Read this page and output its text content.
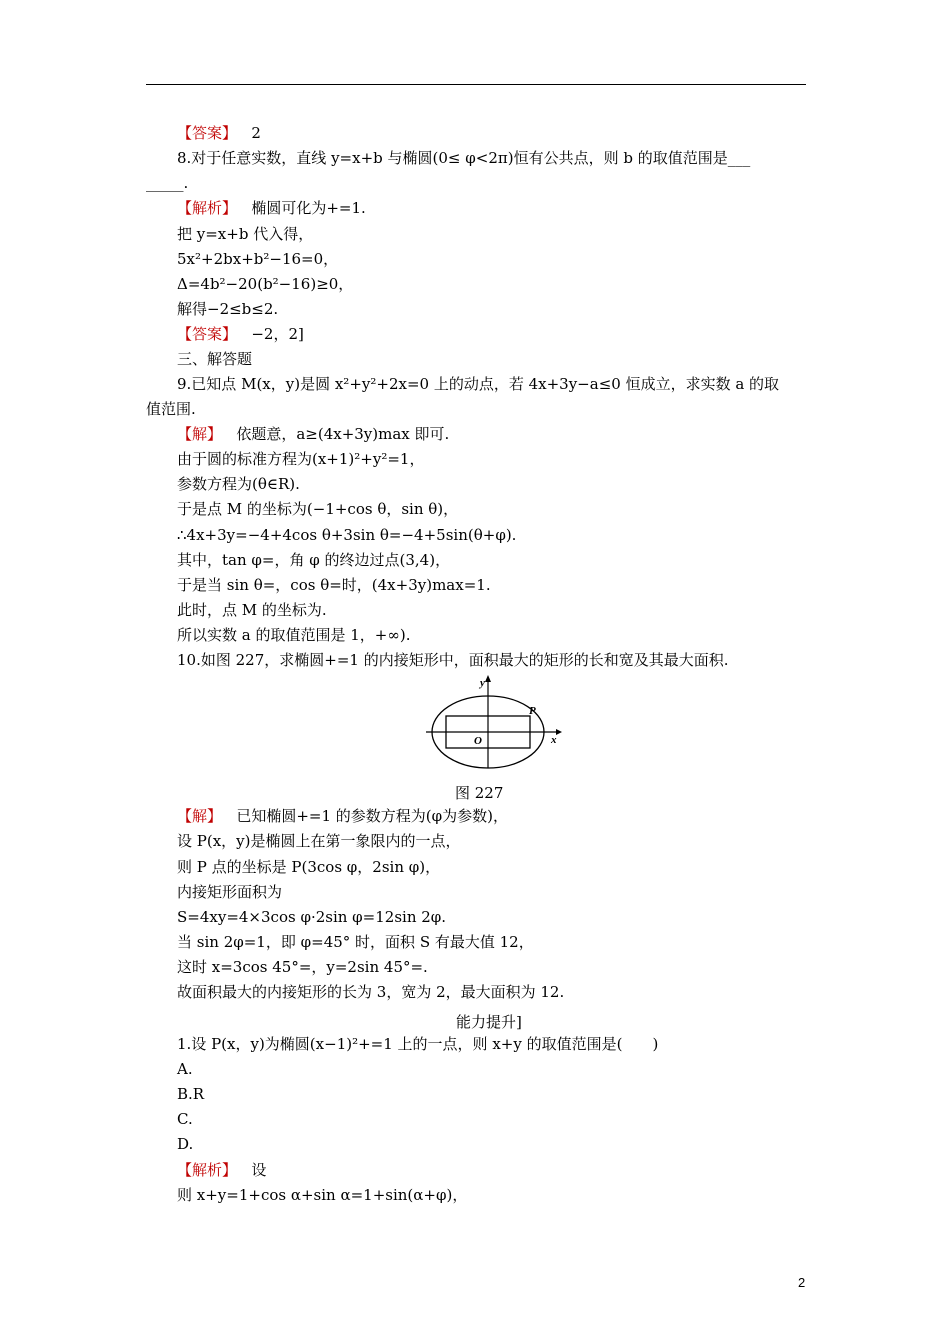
【答案】 2
8.对于任意实数，直线 y=x+b 与椭圆(0≤ φ<2π)恒有公共点，则 b 的取值范围是___
_____.
【解析】 椭圆可化为+=1.
把 y=x+b 代入得，
5x²+2bx+b²−16=0，
Δ=4b²−20(b²−16)≥0，
解得−2≤b≤2.
【答案】 −2，2]
三、解答题
9.已知点 M(x，y)是圆 x²+y²+2x=0 上的动点，若 4x+3y−a≤0 恒成立，求实数 a 的取
值范围.
【解】 依题意，a≥(4x+3y)max 即可.
由于圆的标准方程为(x+1)²+y²=1，
参数方程为(θ∈R).
于是点 M 的坐标为(−1+cos θ，sin θ)，
∴4x+3y=−4+4cos θ+3sin θ=−4+5sin(θ+φ).
其中，tan φ=，角 φ 的终边过点(3,4)，
于是当 sin θ=，cos θ=时，(4x+3y)max=1.
此时，点 M 的坐标为.
所以实数 a 的取值范围是 1，+∞).
10.如图 227，求椭圆+=1 的内接矩形中，面积最大的矩形的长和宽及其最大面积.
y
x
O
P
图 227
【解】 已知椭圆+=1 的参数方程为(φ为参数)，
设 P(x，y)是椭圆上在第一象限内的一点，
则 P 点的坐标是 P(3cos φ，2sin φ)，
内接矩形面积为
S=4xy=4×3cos φ·2sin φ=12sin 2φ.
当 sin 2φ=1，即 φ=45° 时，面积 S 有最大值 12，
这时 x=3cos 45°=，y=2sin 45°=.
故面积最大的内接矩形的长为 3，宽为 2，最大面积为 12.
能力提升]
1.设 P(x，y)为椭圆(x−1)²+=1 上的一点，则 x+y 的取值范围是(　　)
A.
B.R
C.
D.
【解析】 设
则 x+y=1+cos α+sin α=1+sin(α+φ)，
2
